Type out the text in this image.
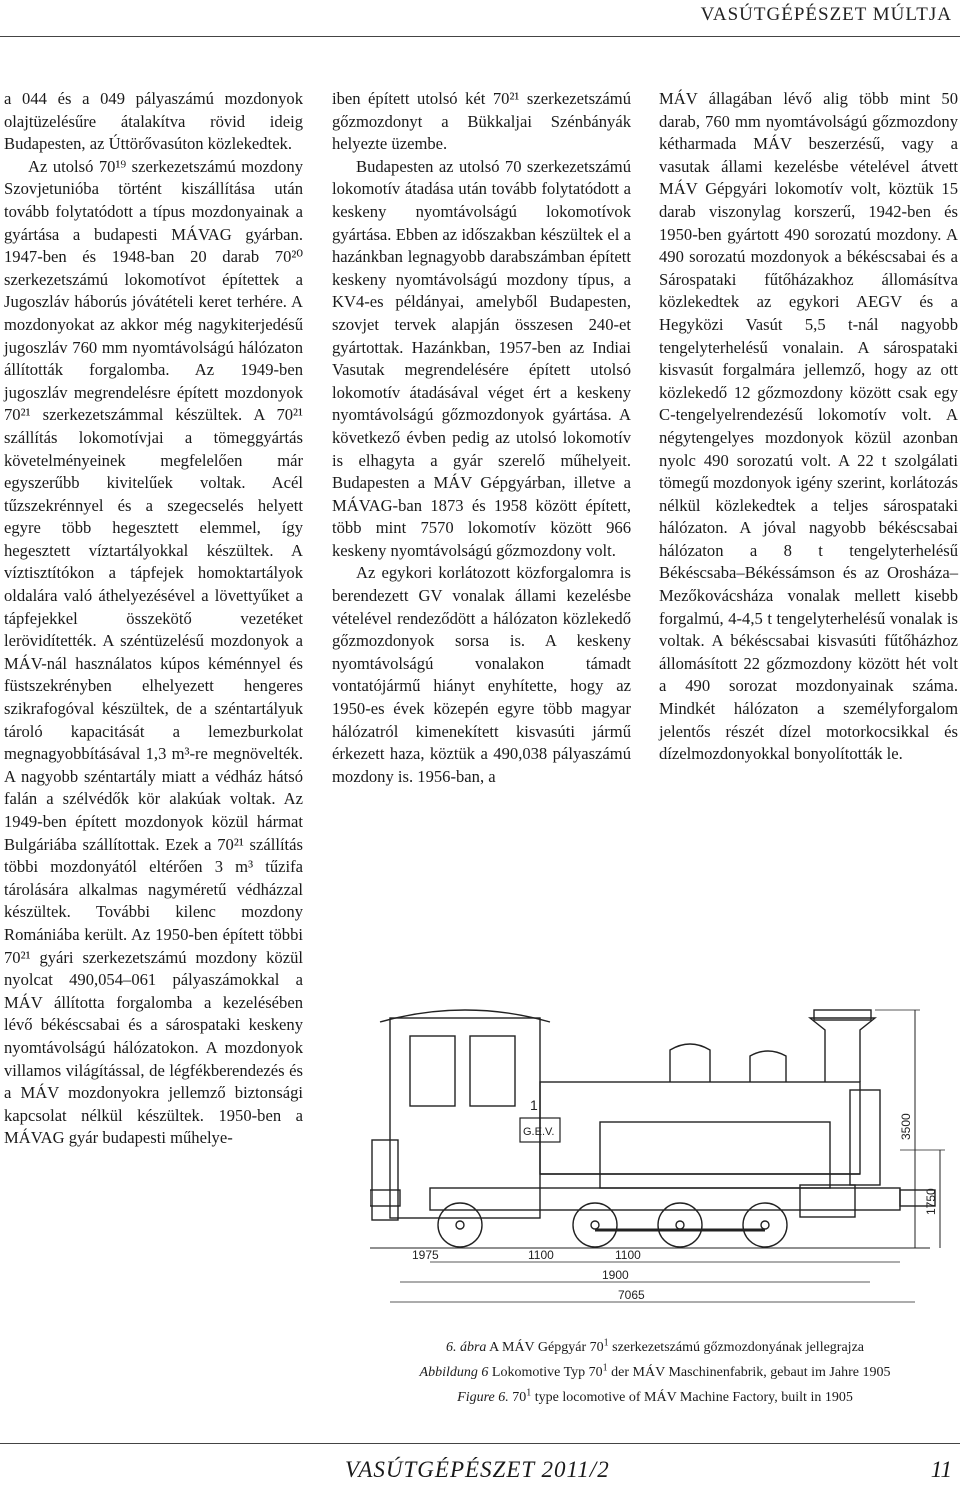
VASÚTGÉPÉSZET MÚLTJA

a 044 és a 049 pályaszámú mozdonyok olajtüzelésűre átalakítva rövid ideig Budapesten, az Úttörővasúton közlekedtek.

Az utolsó 70¹⁹ szerkezetszámú mozdony Szovjetunióba történt kiszállítása után tovább folytatódott a típus mozdonyainak a gyártása a budapesti MÁVAG gyárban. 1947-ben és 1948-ban 20 darab 70²⁰ szerkezetszámú lokomotívot építettek a Jugoszláv háborús jóvátételi keret terhére. A mozdonyokat az akkor még nagykiterjedésű jugoszláv 760 mm nyomtávolságú hálózaton állították forgalomba. Az 1949-ben jugoszláv megrendelésre épített mozdonyok 70²¹ szerkezetszámmal készültek. A 70²¹ szállítás lokomotívjai a tömeggyártás követelményeinek megfelelően már egyszerűbb kivitelűek voltak. Acél tűzszekrénnyel és a szegecselés helyett egyre több hegesztett elemmel, így hegesztett víztartályokkal készültek. A víztisztítókon a tápfejek homoktartályok oldalára való áthelyezésével a lövettyűket a tápfejekkel összekötő vezetéket lerövidítették. A széntüzelésű mozdonyok a MÁV-nál használatos kúpos kéménnyel és füstszekrényben elhelyezett hengeres szikrafogóval készültek, de a széntartályuk tároló kapacitását a lemezburkolat megnagyobbításával 1,3 m³-re megnövelték. A nagyobb széntartály miatt a védház hátsó falán a szélvédők kör alakúak voltak. Az 1949-ben épített mozdonyok közül hármat Bulgáriába szállítottak. Ezek a 70²¹ szállítás többi mozdonyától eltérően 3 m³ tűzifa tárolására alkalmas nagyméretű védházzal készültek. További kilenc mozdony Romániába került. Az 1950-ben épített többi 70²¹ gyári szerkezetszámú mozdony közül nyolcat 490,054–061 pályaszámokkal a MÁV állította forgalomba a kezelésében lévő békéscsabai és a sárospataki keskeny nyomtávolságú hálózatokon. A mozdonyok villamos világítással, de légfékberendezés és a MÁV mozdonyokra jellemző biztonsági kapcsolat nélkül készültek. 1950-ben a MÁVAG gyár budapesti műhelye-

iben épített utolsó két 70²¹ szerkezetszámú gőzmozdonyt a Bükkaljai Szénbányák helyezte üzembe.

Budapesten az utolsó 70 szerkezetszámú lokomotív átadása után tovább folytatódott a keskeny nyomtávolságú lokomotívok gyártása. Ebben az időszakban készültek el a hazánkban legnagyobb darabszámban épített keskeny nyomtávolságú mozdony típus, a KV4-es példányai, amelyből Budapesten, szovjet tervek alapján összesen 240-et gyártottak. Hazánkban, 1957-ben az Indiai Vasutak megrendelésére épített utolsó lokomotív átadásával véget ért a keskeny nyomtávolságú gőzmozdonyok gyártása. A következő évben pedig az utolsó lokomotív is elhagyta a gyár szerelő műhelyeit. Budapesten a MÁV Gépgyárban, illetve a MÁVAG-ban 1873 és 1958 között épített, több mint 7570 lokomotív között 966 keskeny nyomtávolságú gőzmozdony volt.

Az egykori korlátozott közforgalomra is berendezett GV vonalak állami kezelésbe vételével rendeződött a hálózaton közlekedő gőzmozdonyok sorsa is. A keskeny nyomtávolságú vonalakon támadt vontatójármű hiányt enyhítette, hogy az 1950-es évek közepén egyre több magyar hálózatról kimenekített kisvasúti jármű érkezett haza, köztük a 490,038 pályaszámú mozdony is. 1956-ban, a

MÁV állagában lévő alig több mint 50 darab, 760 mm nyomtávolságú gőzmozdony kétharmada MÁV beszerzésű, vagy a vasutak állami kezelésbe vételével átvett MÁV Gépgyári lokomotív volt, köztük 15 darab viszonylag korszerű, 1942-ben és 1950-ben gyártott 490 sorozatú mozdony. A 490 sorozatú mozdonyok a békéscsabai és a Sárospataki fűtőházakhoz állomásítva közlekedtek az egykori AEGV és a Hegyközi Vasút 5,5 t-nál nagyobb tengelyterhelésű vonalain. A sárospataki kisvasút forgalmára jellemző, hogy az ott közlekedő 12 gőzmozdony között csak egy C-tengelyelrendezésű lokomotív volt. A négytengelyes mozdonyok közül azonban nyolc 490 sorozatú volt. A 22 t szolgálati tömegű mozdonyok igény szerint, korlátozás nélkül közlekedtek a teljes sárospataki hálózaton. A jóval nagyobb békéscsabai hálózaton a 8 t tengelyterhelésű Békéscsaba–Békéssámson és az Orosháza–Mezőkovácsháza vonalak mellett kisebb forgalmú, 4-4,5 t tengelyterhelésű vonalak is voltak. A békéscsabai kisvasúti fűtőházhoz állomásított 22 gőzmozdony között hét volt a 490 sorozat mozdonyainak száma. Mindkét hálózaton a személyforgalom jelentős részét dízel motorkocsikkal és dízelmozdonyokkal bonyolították le.

1
G.E.V.	3500
1750
1975	1100	1100
1900
7065
6. ábra A MÁV Gépgyár $70^1$ szerkezetszámú gőzmozdonyának jellegrajza
Abbildung 6 Lokomotive Typ $70^1$ der MÁV Maschinenfabrik, gebaut im Jahre 1905
Figure 6. $70^1$ type locomotive of MÁV Machine Factory, built in 1905
VASÚTGÉPÉSZET 2011/2	11
